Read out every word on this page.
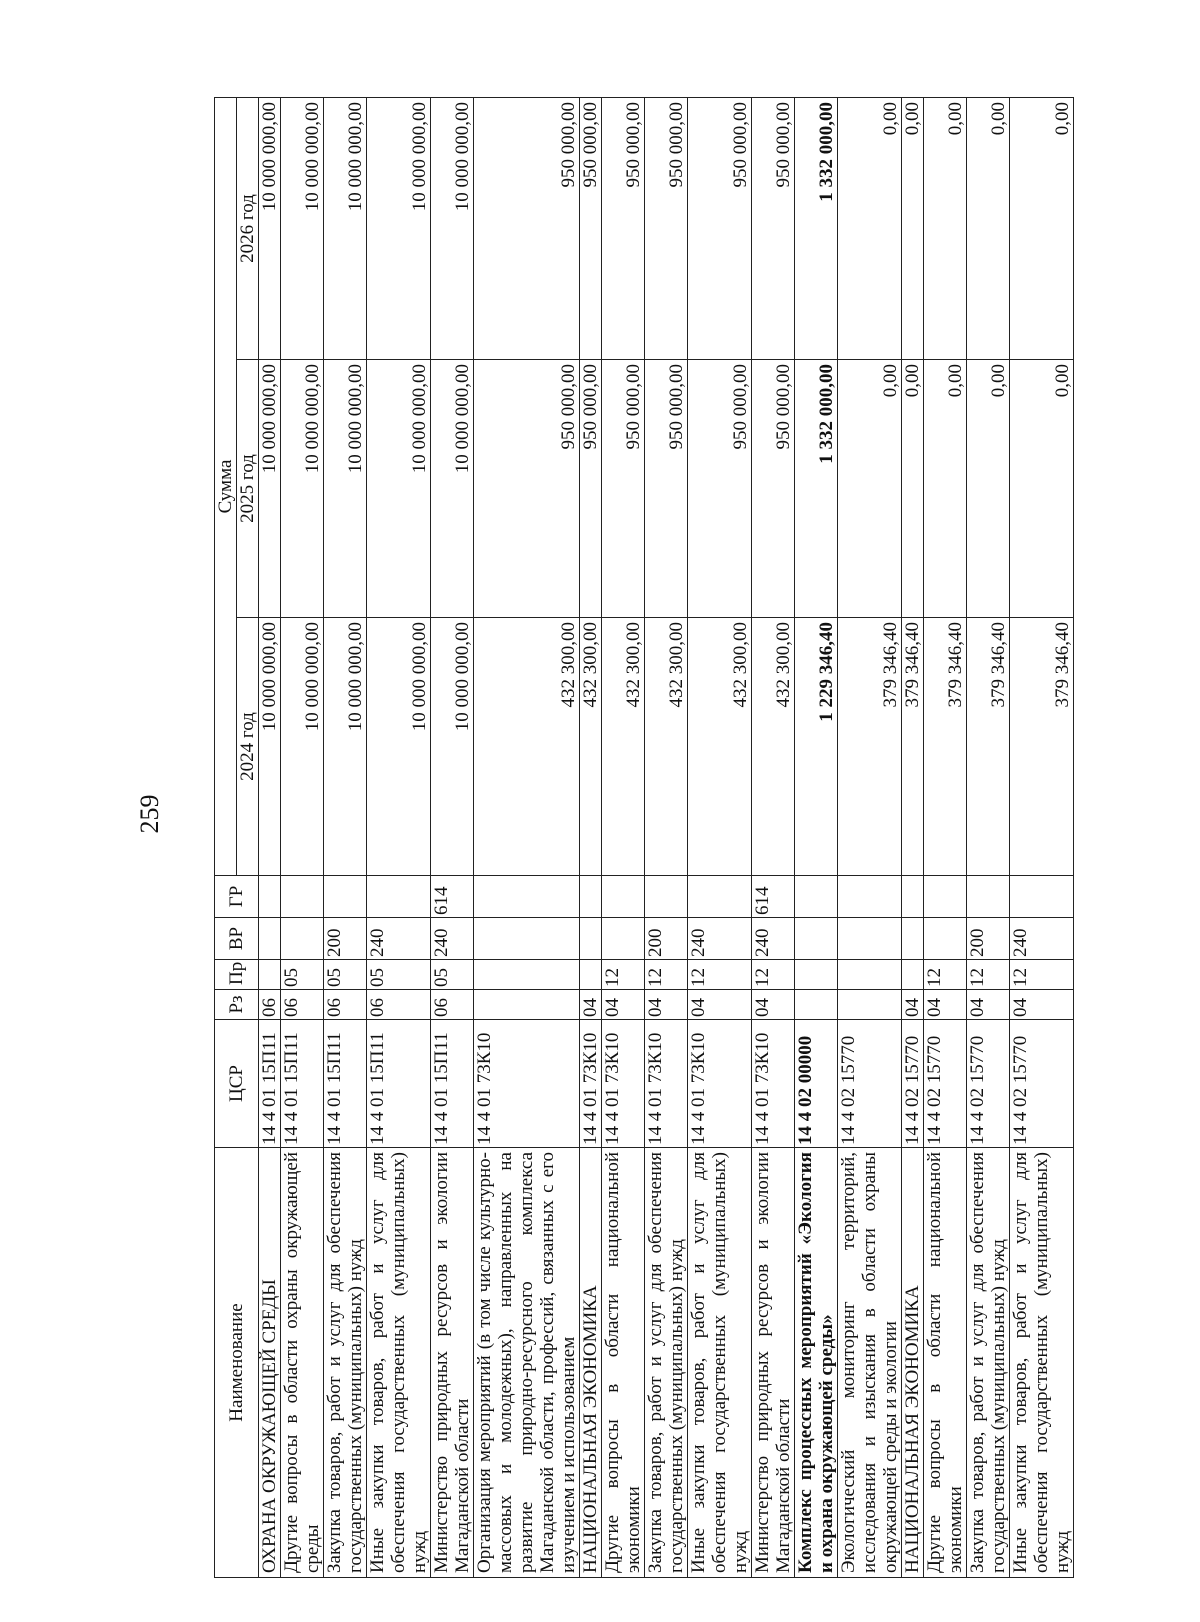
259
Наименование	ЦСР	Рз	Пр	ВР	ГР	Сумма		
						2024 год	2025 год	2026 год
ОХРАНА ОКРУЖАЮЩЕЙ СРЕДЫ	14 4 01 15П11	06				10 000 000,00	10 000 000,00	10 000 000,00
Другие вопросы в области охраны окружающей среды	14 4 01 15П11	06	05			10 000 000,00	10 000 000,00	10 000 000,00
Закупка товаров, работ и услуг для обеспечения государственных (муниципальных) нужд	14 4 01 15П11	06	05	200		10 000 000,00	10 000 000,00	10 000 000,00
Иные закупки товаров, работ и услуг для обеспечения государственных (муниципальных) нужд	14 4 01 15П11	06	05	240		10 000 000,00	10 000 000,00	10 000 000,00
Министерство природных ресурсов и экологии Магаданской области	14 4 01 15П11	06	05	240	614	10 000 000,00	10 000 000,00	10 000 000,00
Организация мероприятий (в том числе культурно-массовых и молодежных), направленных на развитие природно-ресурсного комплекса Магаданской области, профессий, связанных с его изучением и использованием	14 4 01 73К10					432 300,00	950 000,00	950 000,00
НАЦИОНАЛЬНАЯ ЭКОНОМИКА	14 4 01 73К10	04				432 300,00	950 000,00	950 000,00
Другие вопросы в области национальной экономики	14 4 01 73К10	04	12			432 300,00	950 000,00	950 000,00
Закупка товаров, работ и услуг для обеспечения государственных (муниципальных) нужд	14 4 01 73К10	04	12	200		432 300,00	950 000,00	950 000,00
Иные закупки товаров, работ и услуг для обеспечения государственных (муниципальных) нужд	14 4 01 73К10	04	12	240		432 300,00	950 000,00	950 000,00
Министерство природных ресурсов и экологии Магаданской области	14 4 01 73К10	04	12	240	614	432 300,00	950 000,00	950 000,00
Комплекс процессных мероприятий «Экология и охрана окружающей среды»	14 4 02 00000					1 229 346,40	1 332 000,00	1 332 000,00
Экологический мониторинг территорий, исследования и изыскания в области охраны окружающей среды и экологии	14 4 02 15770					379 346,40	0,00	0,00
НАЦИОНАЛЬНАЯ ЭКОНОМИКА	14 4 02 15770	04				379 346,40	0,00	0,00
Другие вопросы в области национальной экономики	14 4 02 15770	04	12			379 346,40	0,00	0,00
Закупка товаров, работ и услуг для обеспечения государственных (муниципальных) нужд	14 4 02 15770	04	12	200		379 346,40	0,00	0,00
Иные закупки товаров, работ и услуг для обеспечения государственных (муниципальных) нужд	14 4 02 15770	04	12	240		379 346,40	0,00	0,00
